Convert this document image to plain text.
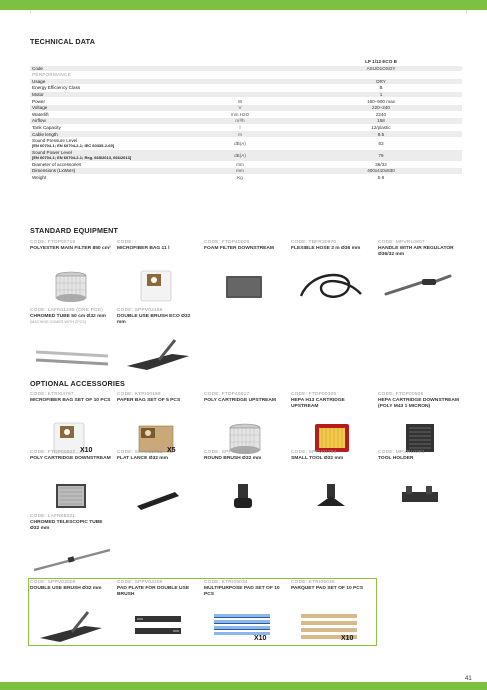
TECHNICAL DATA
		LP 1/12 ECO B
Code		ASUO1OSOY
PERFORMANCE		
Usage		DRY
Energy Efficiency Class		B
Motor		1
Power	W	160–900 max
Voltage	V	220–240
Waterlift	mm H2O	2240
Airflow	m³/h	158
Tank Capacity	l	12/plastic
Cable length	m	8.5
Sound Pressure Level
[EN 60704-1; EN 60704-2-1; IEC 60335-2-69]	dB(A)	63
Sound Power Level
[EN 60704-1; EN 60704-2-1; Reg. 665/2013, 666/2013]	dB(A)	79
Diameter of accessories	mm	36/32
Dimensions (LxWxH)	mm	400x410x530
Weight	Kg	5.8
STANDARD EQUIPMENT
CODE: FTDP00716
POLYESTER MAIN FILTER 850 cm²
CODE: -
MICROFIBER BAG 11 l
CODE: FTDP40009
FOAM FILTER DOWNSTREAM
CODE: TBFR30970
FLEXIBLE HOSE 2 m Ø36 mm
CODE: MPVR10807
HANDLE WITH AIR REGULATOR Ø36/32 mm
CODE: LAFN11295 (ONE PCS)
CHROMED TUBE 50 cm Ø32 mm
(MACHINE COMES WITH 2PCS)
CODE: SPPV02189
DOUBLE USE BRUSH ECO Ø32 mm
OPTIONAL ACCESSORIES
CODE: KTRI04767
MICROFIBER BAG SET OF 10 PCS
X10
CODE: KTRI00168
PAPER BAG SET OF 5 PCS
X5
CODE: FTDP40017
POLY CARTRIDGE UPSTREAM
CODE: FTDP00305
HEPA H13 CARTRIDGE UPSTREAM
CODE: FTDP00506
HEPA CARTRIDGE DOWNSTREAM (POLY M43 1 MICRON)
CODE: FTDP00507
POLY CARTRIDGE DOWNSTREAM
CODE: SPPV01756
FLAT LANCE Ø32 mm
CODE: SPPV01736
ROUND BRUSH Ø32 mm
CODE: SPPV01754
SMALL TOOL Ø32 mm
CODE: MPVR10281
TOOL HOLDER
CODE: LAFN08321
CHROMED TELESCOPIC TUBE Ø32 mm
CODE: SPPV02005
DOUBLE USE BRUSH Ø32 mm
CODE: SPPV02206
PAD PLATE FOR DOUBLE USE BRUSH
CODE: KTRI05034
MULTIPURPOSE PAD SET OF 10 PCS
X10
CODE: KTRI05035
PARQUET PAD SET OF 10 PCS
X10
41
